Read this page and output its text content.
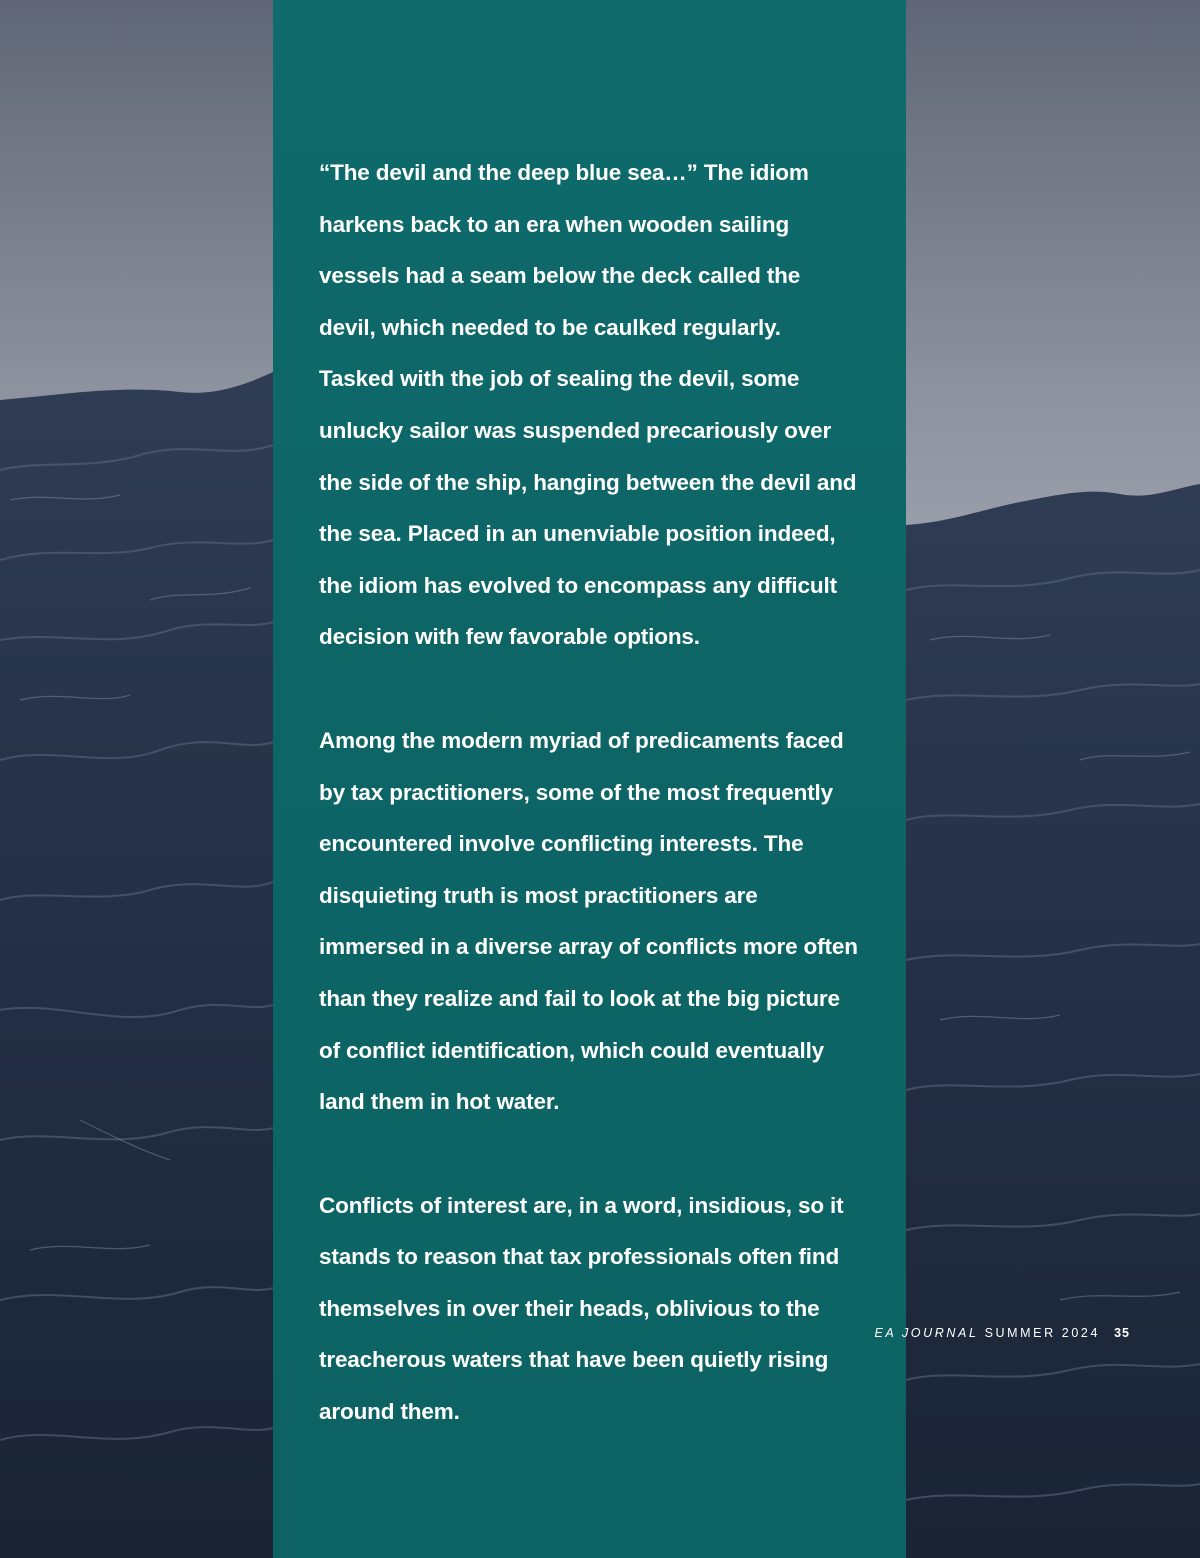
“The devil and the deep blue sea…” The idiom harkens back to an era when wooden sailing vessels had a seam below the deck called the devil, which needed to be caulked regularly. Tasked with the job of sealing the devil, some unlucky sailor was suspended precariously over the side of the ship, hanging between the devil and the sea. Placed in an unenviable position indeed, the idiom has evolved to encompass any difficult decision with few favorable options.

Among the modern myriad of predicaments faced by tax practitioners, some of the most frequently encountered involve conflicting interests. The disquieting truth is most practitioners are immersed in a diverse array of conflicts more often than they realize and fail to look at the big picture of conflict identification, which could eventually land them in hot water.

Conflicts of interest are, in a word, insidious, so it stands to reason that tax professionals often find themselves in over their heads, oblivious to the treacherous waters that have been quietly rising around them.

EA JOURNAL SUMMER 2024 35
